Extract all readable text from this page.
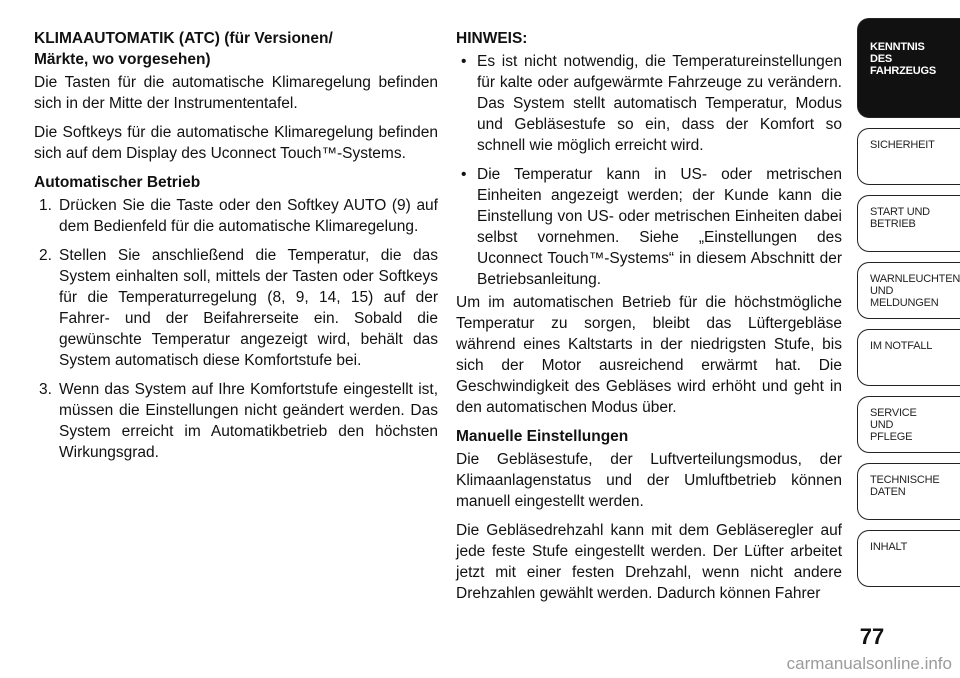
KLIMAAUTOMATIK (ATC) (für Versionen/
Märkte, wo vorgesehen)

Die Tasten für die automatische Klimaregelung befinden sich in der Mitte der Instrumententafel.

Die Softkeys für die automatische Klimaregelung befinden sich auf dem Display des Uconnect Touch™-Systems.

Automatischer Betrieb
1. Drücken Sie die Taste oder den Softkey AUTO (9) auf dem Bedienfeld für die automatische Klimaregelung.
2. Stellen Sie anschließend die Temperatur, die das System einhalten soll, mittels der Tasten oder Softkeys für die Temperaturregelung (8, 9, 14, 15) auf der Fahrer- und der Beifahrerseite ein. Sobald die gewünschte Temperatur angezeigt wird, behält das System automatisch diese Komfortstufe bei.
3. Wenn das System auf Ihre Komfortstufe eingestellt ist, müssen die Einstellungen nicht geändert werden. Das System erreicht im Automatikbetrieb den höchsten Wirkungsgrad.
HINWEIS:
• Es ist nicht notwendig, die Temperatureinstellungen für kalte oder aufgewärmte Fahrzeuge zu verändern. Das System stellt automatisch Temperatur, Modus und Gebläsestufe so ein, dass der Komfort so schnell wie möglich erreicht wird.
• Die Temperatur kann in US- oder metrischen Einheiten angezeigt werden; der Kunde kann die Einstellung von US- oder metrischen Einheiten dabei selbst vornehmen. Siehe „Einstellungen des Uconnect Touch™-Systems“ in diesem Abschnitt der Betriebsanleitung.

Um im automatischen Betrieb für die höchstmögliche Temperatur zu sorgen, bleibt das Lüftergebläse während eines Kaltstarts in der niedrigsten Stufe, bis sich der Motor ausreichend erwärmt hat. Die Geschwindigkeit des Gebläses wird erhöht und geht in den automatischen Modus über.

Manuelle Einstellungen

Die Gebläsestufe, der Luftverteilungsmodus, der Klimaanlagenstatus und der Umluftbetrieb können manuell eingestellt werden.

Die Gebläsedrehzahl kann mit dem Gebläseregler auf jede feste Stufe eingestellt werden. Der Lüfter arbeitet jetzt mit einer festen Drehzahl, wenn nicht andere Drehzahlen gewählt werden. Dadurch können Fahrer

KENNTNIS
DES
FAHRZEUGS
SICHERHEIT
START UND
BETRIEB
WARNLEUCHTEN
UND
MELDUNGEN
IM NOTFALL
SERVICE
UND
PFLEGE
TECHNISCHE
DATEN
INHALT
77
carmanualsonline.info
